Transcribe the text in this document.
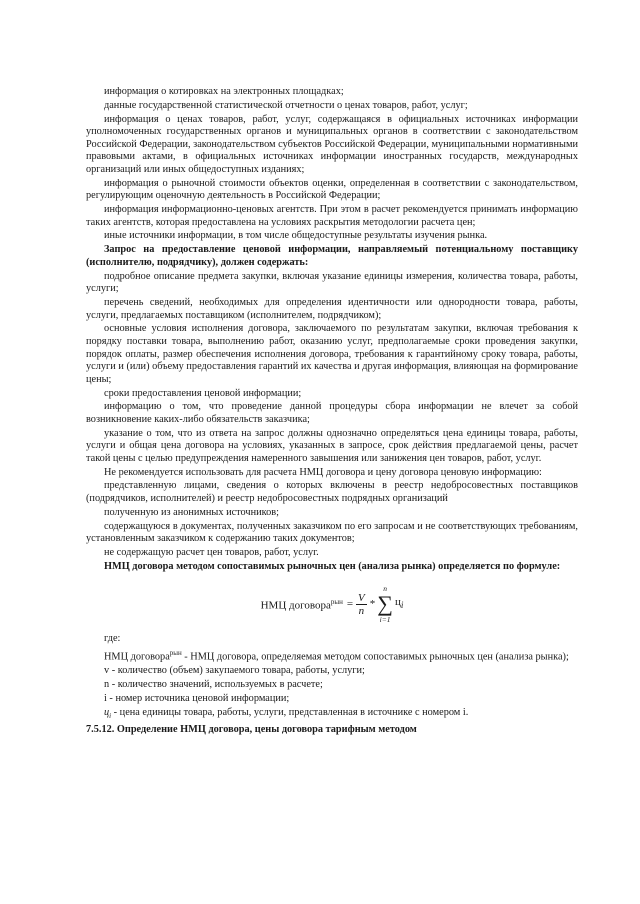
информация о котировках на электронных площадках;

данные государственной статистической отчетности о ценах товаров, работ, услуг;

информация о ценах товаров, работ, услуг, содержащаяся в официальных источниках информации уполномоченных государственных органов и муниципальных органов в соответствии с законодательством Российской Федерации, законодательством субъектов Российской Федерации, муниципальными нормативными правовыми актами, в официальных источниках информации иностранных государств, международных организаций или иных общедоступных изданиях;

информация о рыночной стоимости объектов оценки, определенная в соответствии с законодательством, регулирующим оценочную деятельность в Российской Федерации;

информация информационно-ценовых агентств. При этом в расчет рекомендуется принимать информацию таких агентств, которая предоставлена на условиях раскрытия методологии расчета цен;

иные источники информации, в том числе общедоступные результаты изучения рынка.

Запрос на предоставление ценовой информации, направляемый потенциальному поставщику (исполнителю, подрядчику), должен содержать:

подробное описание предмета закупки, включая указание единицы измерения, количества товара, работы, услуги;

перечень сведений, необходимых для определения идентичности или однородности товара, работы, услуги, предлагаемых поставщиком (исполнителем, подрядчиком);

основные условия исполнения договора, заключаемого по результатам закупки, включая требования к порядку поставки товара, выполнению работ, оказанию услуг, предполагаемые сроки проведения закупки, порядок оплаты, размер обеспечения исполнения договора, требования к гарантийному сроку товара, работы, услуги и (или) объему предоставления гарантий их качества и другая информация, влияющая на формирование цены;

сроки предоставления ценовой информации;

информацию о том, что проведение данной процедуры сбора информации не влечет за собой возникновение каких-либо обязательств заказчика;

указание о том, что из ответа на запрос должны однозначно определяться цена единицы товара, работы, услуги и общая цена договора на условиях, указанных в запросе, срок действия предлагаемой цены, расчет такой цены с целью предупреждения намеренного завышения или занижения цен товаров, работ, услуг.

Не рекомендуется использовать для расчета НМЦ договора и цену договора ценовую информацию:

представленную лицами, сведения о которых включены в реестр недобросовестных поставщиков (подрядчиков, исполнителей) и реестр недобросовестных подрядных организаций

полученную из анонимных источников;

содержащуюся в документах, полученных заказчиком по его запросам и не соответствующих требованиям, установленным заказчиком к содержанию таких документов;

не содержащую расчет цен товаров, работ, услуг.

НМЦ договора методом сопоставимых рыночных цен (анализа рынка) определяется по формуле:

НМЦ договора$^{рын}$ = $\frac{V}{n}$ *
n
∑
i=1
$ц_i$

где:

НМЦ договора$^{рын}$ - НМЦ договора, определяемая методом сопоставимых рыночных цен (анализа рынка);

v - количество (объем) закупаемого товара, работы, услуги;

n - количество значений, используемых в расчете;

i - номер источника ценовой информации;

$ц_i$ - цена единицы товара, работы, услуги, представленная в источнике с номером i.

7.5.12. Определение НМЦ договора, цены договора тарифным методом
